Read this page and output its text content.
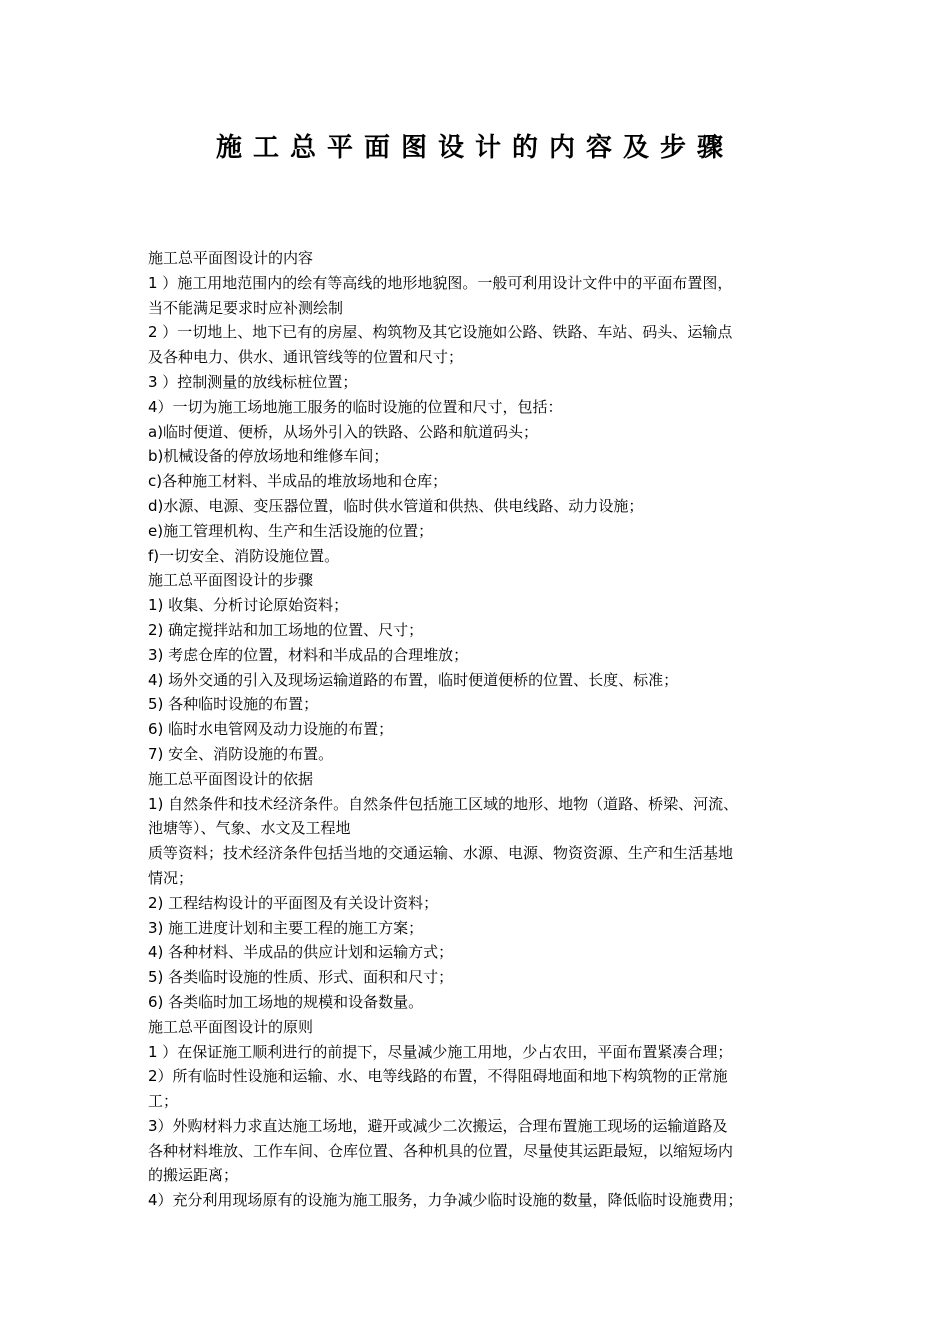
施工总平面图设计的内容及步骤
施工总平面图设计的内容
1 ）施工用地范围内的绘有等高线的地形地貌图。一般可利用设计文件中的平面布置图，
当不能满足要求时应补测绘制
2 ）一切地上、地下已有的房屋、构筑物及其它设施如公路、铁路、车站、码头、运输点
及各种电力、供水、通讯管线等的位置和尺寸；
3 ）控制测量的放线标桩位置；
4）一切为施工场地施工服务的临时设施的位置和尺寸，包括：
a)临时便道、便桥，从场外引入的铁路、公路和航道码头；
b)机械设备的停放场地和维修车间；
c)各种施工材料、半成品的堆放场地和仓库；
d)水源、电源、变压器位置，临时供水管道和供热、供电线路、动力设施；
e)施工管理机构、生产和生活设施的位置；
f)一切安全、消防设施位置。
施工总平面图设计的步骤
1) 收集、分析讨论原始资料；
2) 确定搅拌站和加工场地的位置、尺寸；
3) 考虑仓库的位置，材料和半成品的合理堆放；
4) 场外交通的引入及现场运输道路的布置，临时便道便桥的位置、长度、标准；
5) 各种临时设施的布置；
6) 临时水电管网及动力设施的布置；
7) 安全、消防设施的布置。
施工总平面图设计的依据
1) 自然条件和技术经济条件。自然条件包括施工区域的地形、地物（道路、桥梁、河流、
池塘等）、气象、水文及工程地
质等资料；技术经济条件包括当地的交通运输、水源、电源、物资资源、生产和生活基地
情况；
2) 工程结构设计的平面图及有关设计资料；
3) 施工进度计划和主要工程的施工方案；
4) 各种材料、半成品的供应计划和运输方式；
5) 各类临时设施的性质、形式、面积和尺寸；
6) 各类临时加工场地的规模和设备数量。
施工总平面图设计的原则
1 ）在保证施工顺利进行的前提下，尽量减少施工用地，少占农田，平面布置紧凑合理；
2）所有临时性设施和运输、水、电等线路的布置，不得阻碍地面和地下构筑物的正常施
工；
3）外购材料力求直达施工场地，避开或减少二次搬运，合理布置施工现场的运输道路及
各种材料堆放、工作车间、仓库位置、各种机具的位置，尽量使其运距最短，以缩短场内
的搬运距离；
4）充分利用现场原有的设施为施工服务，力争减少临时设施的数量，降低临时设施费用；
